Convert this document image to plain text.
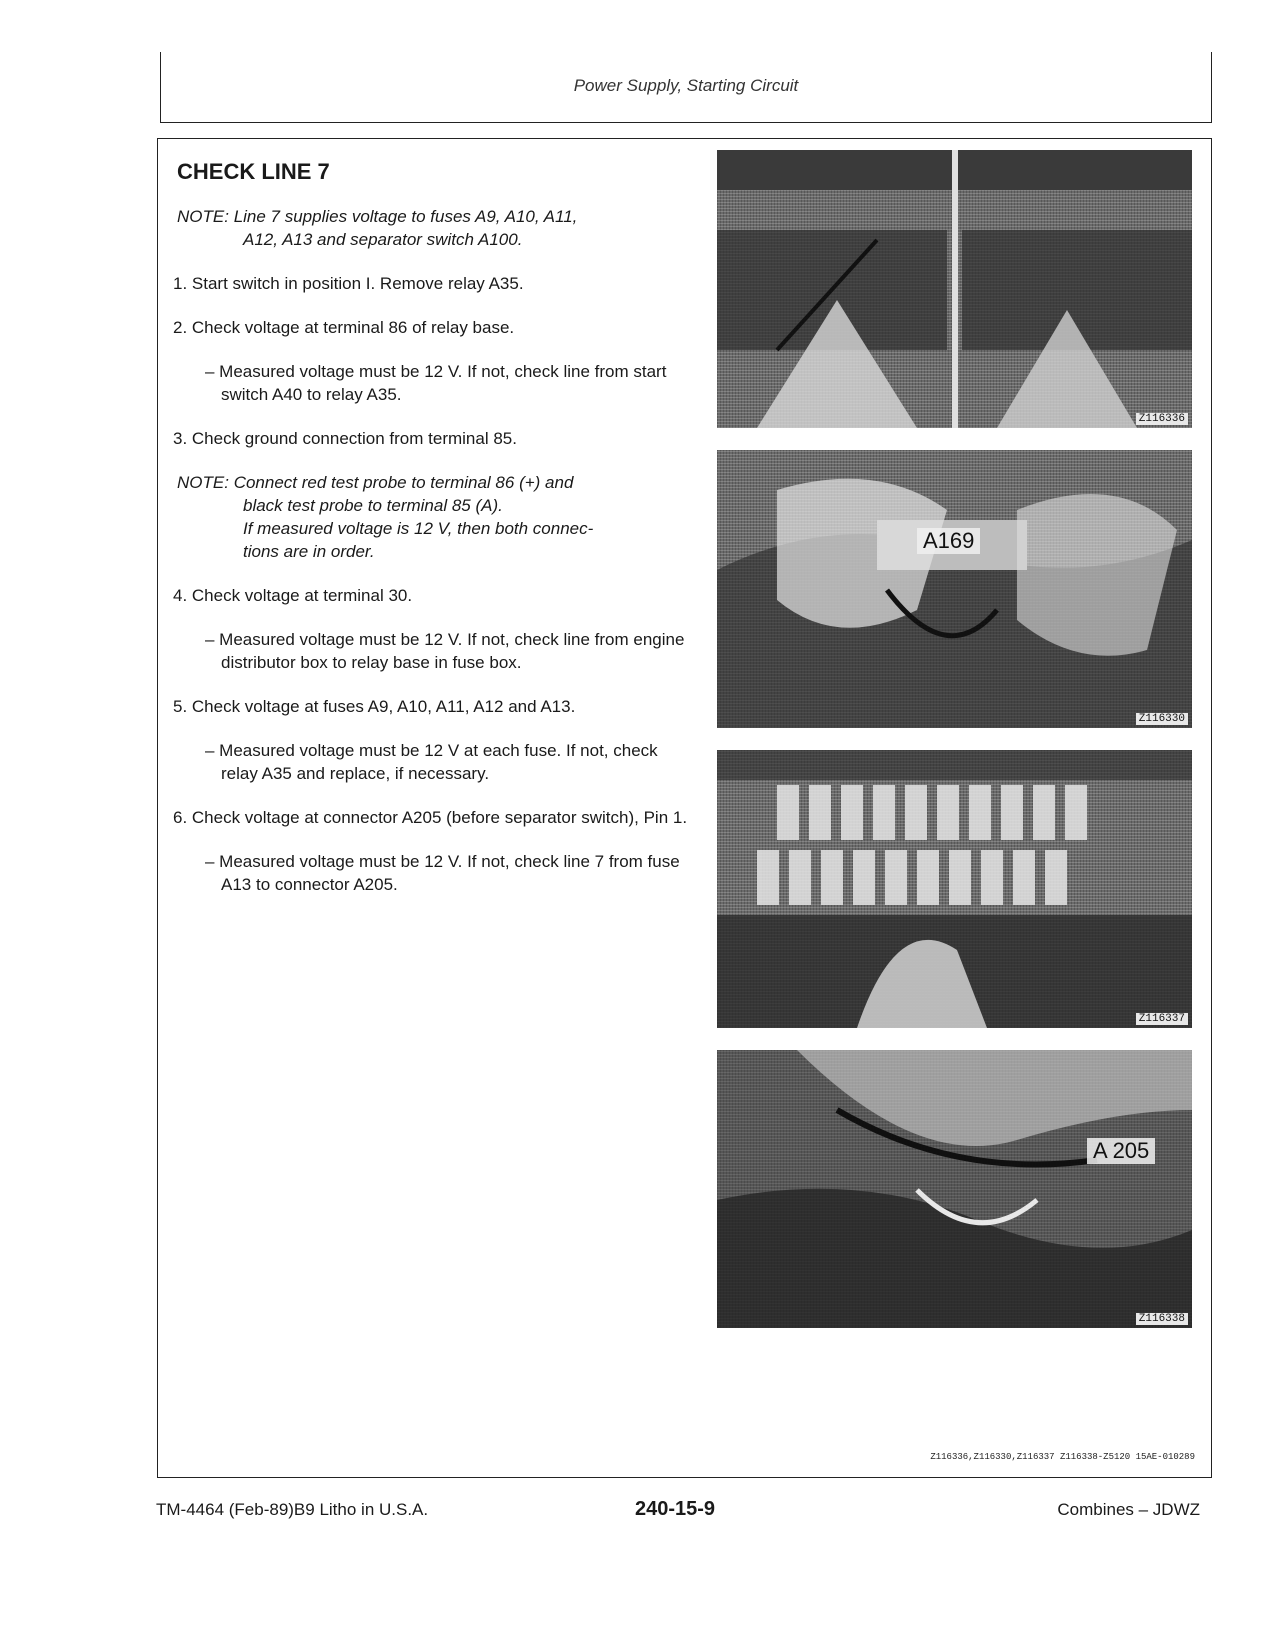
Power Supply, Starting Circuit
CHECK LINE 7
NOTE: Line 7 supplies voltage to fuses A9, A10, A11,
A12, A13 and separator switch A100.
1. Start switch in position I. Remove relay A35.
2. Check voltage at terminal 86 of relay base.
– Measured voltage must be 12 V. If not, check line from start switch A40 to relay A35.
3. Check ground connection from terminal 85.
NOTE: Connect red test probe to terminal 86 (+) and
black test probe to terminal 85 (A).
If measured voltage is 12 V, then both connec-
tions are in order.
4. Check voltage at terminal 30.
– Measured voltage must be 12 V. If not, check line from engine distributor box to relay base in fuse box.
5. Check voltage at fuses A9, A10, A11, A12 and A13.
– Measured voltage must be 12 V at each fuse. If not, check relay A35 and replace, if necessary.
6. Check voltage at connector A205 (before separator switch), Pin 1.
– Measured voltage must be 12 V. If not, check line 7 from fuse A13 to connector A205.
Z116336
A169
Z116330
Z116337
A 205
Z116338
Z116336,Z116330,Z116337 Z116338-Z5120 15AE-010289
TM-4464 (Feb-89)B9 Litho in U.S.A.	240-15-9	Combines – JDWZ
